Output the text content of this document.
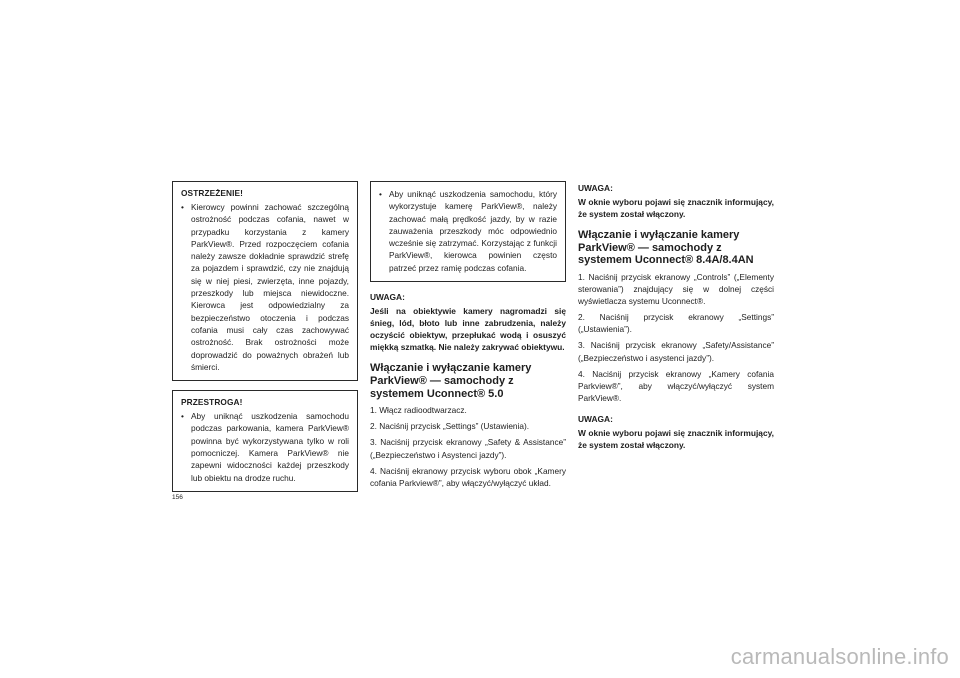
OSTRZEŻENIE!
• Kierowcy powinni zachować szczególną ostrożność podczas cofania, nawet w przypadku korzystania z kamery ParkView®. Przed rozpoczęciem cofania należy zawsze dokładnie sprawdzić strefę za pojazdem i sprawdzić, czy nie znajdują się w niej piesi, zwierzęta, inne pojazdy, przeszkody lub miejsca niewidoczne. Kierowca jest odpowiedzialny za bezpieczeństwo otoczenia i podczas cofania musi cały czas zachowywać ostrożność. Brak ostrożności może doprowadzić do poważnych obrażeń lub śmierci.
PRZESTROGA!
• Aby uniknąć uszkodzenia samochodu podczas parkowania, kamera ParkView® powinna być wykorzystywana tylko w roli pomocniczej. Kamera ParkView® nie zapewni widoczności każdej przeszkody lub obiektu na drodze ruchu.
• Aby uniknąć uszkodzenia samochodu, który wykorzystuje kamerę ParkView®, należy zachować małą prędkość jazdy, by w razie zauważenia przeszkody móc odpowiednio wcześnie się zatrzymać. Korzystając z funkcji ParkView®, kierowca powinien często patrzeć przez ramię podczas cofania.
UWAGA:

Jeśli na obiektywie kamery nagromadzi się śnieg, lód, błoto lub inne zabrudzenia, należy oczyścić obiektyw, przepłukać wodą i osuszyć miękką szmatką. Nie należy zakrywać obiektywu.

Włączanie i wyłączanie kamery ParkView® — samochody z systemem Uconnect® 5.0

1. Włącz radioodtwarzacz.

2. Naciśnij przycisk „Settings” (Ustawienia).

3. Naciśnij przycisk ekranowy „Safety & Assistance” („Bezpieczeństwo i Asystenci jazdy”).

4. Naciśnij ekranowy przycisk wyboru obok „Kamery cofania Parkview®”, aby włączyć/wyłączyć układ.

UWAGA:

W oknie wyboru pojawi się znacznik informujący, że system został włączony.

Włączanie i wyłączanie kamery ParkView® — samochody z systemem Uconnect® 8.4A/8.4AN

1. Naciśnij przycisk ekranowy „Controls” („Elementy sterowania”) znajdujący się w dolnej części wyświetlacza systemu Uconnect®.

2. Naciśnij przycisk ekranowy „Settings” („Ustawienia”).

3. Naciśnij przycisk ekranowy „Safety/Assistance” („Bezpieczeństwo i asystenci jazdy”).

4. Naciśnij przycisk ekranowy „Kamery cofania Parkview®”, aby włączyć/wyłączyć system ParkView®.

UWAGA:

W oknie wyboru pojawi się znacznik informujący, że system został włączony.

156
carmanualsonline.info
